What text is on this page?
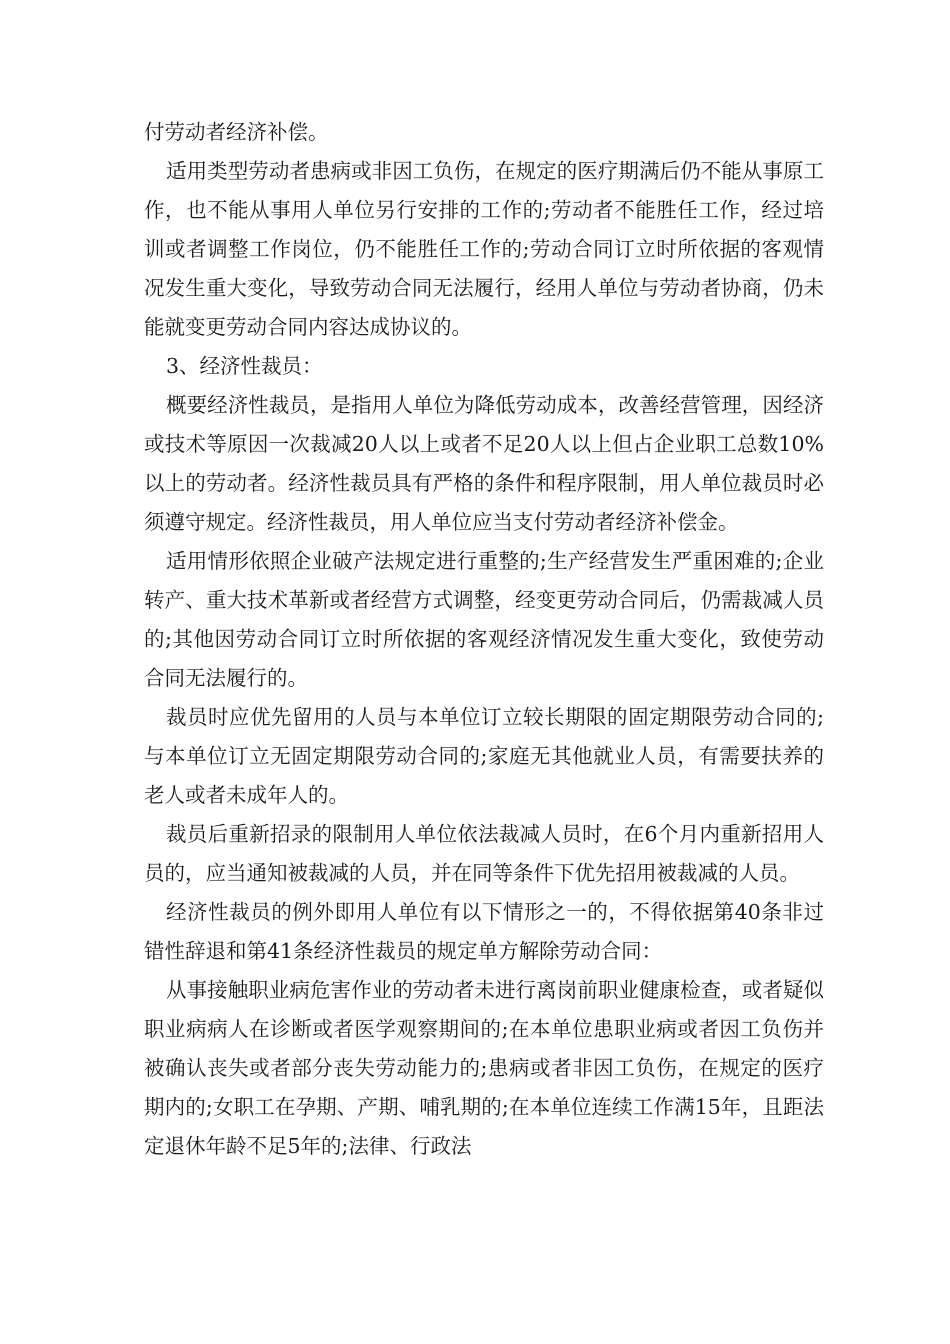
付劳动者经济补偿。

适用类型劳动者患病或非因工负伤，在规定的医疗期满后仍不能从事原工作，也不能从事用人单位另行安排的工作的;劳动者不能胜任工作，经过培训或者调整工作岗位，仍不能胜任工作的;劳动合同订立时所依据的客观情况发生重大变化，导致劳动合同无法履行，经用人单位与劳动者协商，仍未能就变更劳动合同内容达成协议的。

3、经济性裁员：

概要经济性裁员，是指用人单位为降低劳动成本，改善经营管理，因经济或技术等原因一次裁减20人以上或者不足20人以上但占企业职工总数10%以上的劳动者。经济性裁员具有严格的条件和程序限制，用人单位裁员时必须遵守规定。经济性裁员，用人单位应当支付劳动者经济补偿金。

适用情形依照企业破产法规定进行重整的;生产经营发生严重困难的;企业转产、重大技术革新或者经营方式调整，经变更劳动合同后，仍需裁减人员的;其他因劳动合同订立时所依据的客观经济情况发生重大变化，致使劳动合同无法履行的。

裁员时应优先留用的人员与本单位订立较长期限的固定期限劳动合同的;与本单位订立无固定期限劳动合同的;家庭无其他就业人员，有需要扶养的老人或者未成年人的。

裁员后重新招录的限制用人单位依法裁减人员时，在6个月内重新招用人员的，应当通知被裁减的人员，并在同等条件下优先招用被裁减的人员。

经济性裁员的例外即用人单位有以下情形之一的，不得依据第40条非过错性辞退和第41条经济性裁员的规定单方解除劳动合同：

从事接触职业病危害作业的劳动者未进行离岗前职业健康检查，或者疑似职业病病人在诊断或者医学观察期间的;在本单位患职业病或者因工负伤并被确认丧失或者部分丧失劳动能力的;患病或者非因工负伤，在规定的医疗期内的;女职工在孕期、产期、哺乳期的;在本单位连续工作满15年，且距法定退休年龄不足5年的;法律、行政法
